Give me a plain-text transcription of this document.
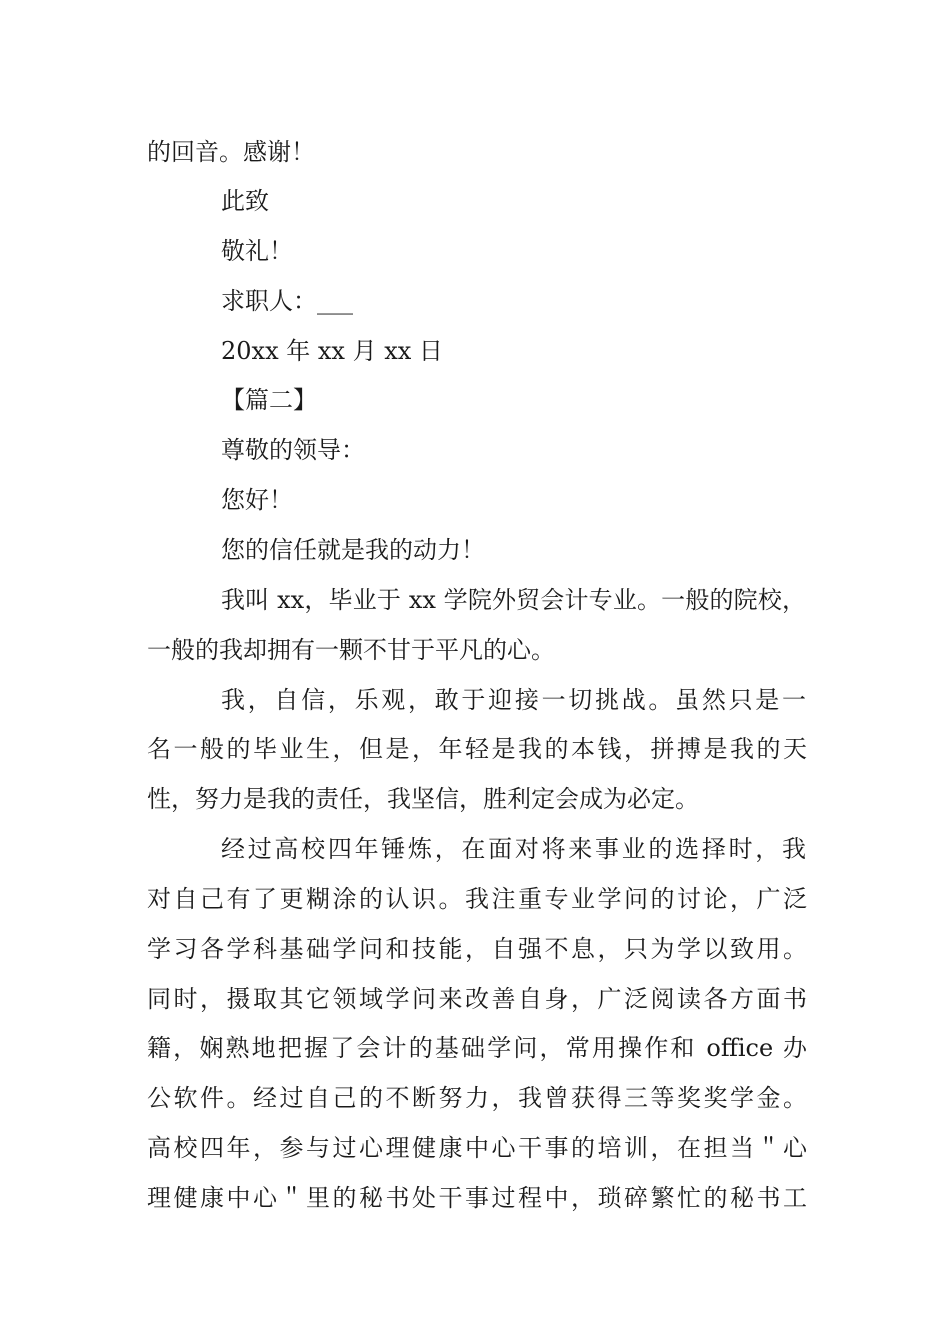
的回音。感谢！
此致
敬礼！
求职人：___
20xx 年 xx 月 xx 日
【篇二】
尊敬的领导：
您好！
您的信任就是我的动力！
我叫 xx，毕业于 xx 学院外贸会计专业。一般的院校，
一般的我却拥有一颗不甘于平凡的心。
我，自信，乐观，敢于迎接一切挑战。虽然只是一
名一般的毕业生，但是，年轻是我的本钱，拼搏是我的天
性，努力是我的责任，我坚信，胜利定会成为必定。
经过高校四年锤炼，在面对将来事业的选择时，我
对自己有了更糊涂的认识。我注重专业学问的讨论，广泛
学习各学科基础学问和技能，自强不息，只为学以致用。
同时，摄取其它领域学问来改善自身，广泛阅读各方面书
籍，娴熟地把握了会计的基础学问，常用操作和 office 办
公软件。经过自己的不断努力，我曾获得三等奖奖学金。
高校四年，参与过心理健康中心干事的培训，在担当＂心
理健康中心＂里的秘书处干事过程中，琐碎繁忙的秘书工
